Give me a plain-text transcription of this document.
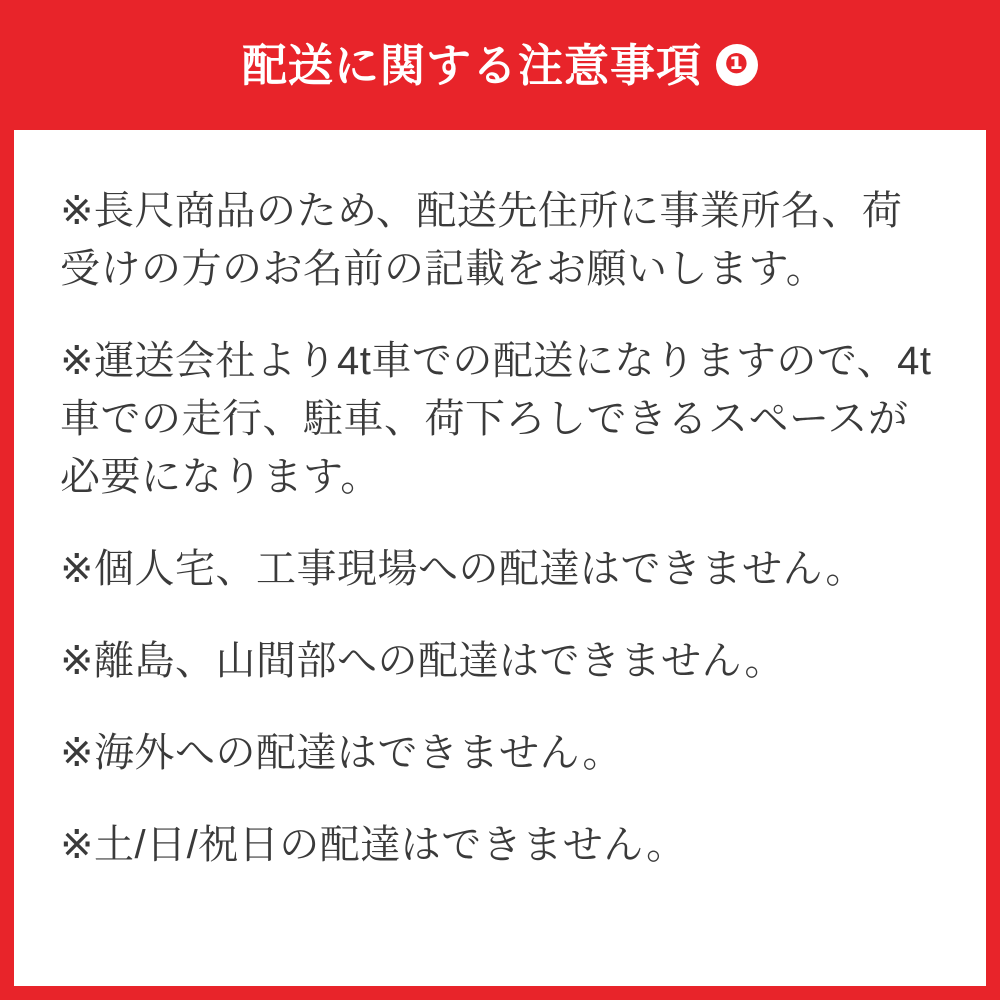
配送に関する注意事項 ❶

※長尺商品のため、配送先住所に事業所名、荷受けの方のお名前の記載をお願いします。

※運送会社より4t車での配送になりますので、4t車での走行、駐車、荷下ろしできるスペースが必要になります。

※個人宅、工事現場への配達はできません。

※離島、山間部への配達はできません。

※海外への配達はできません。

※土/日/祝日の配達はできません。
